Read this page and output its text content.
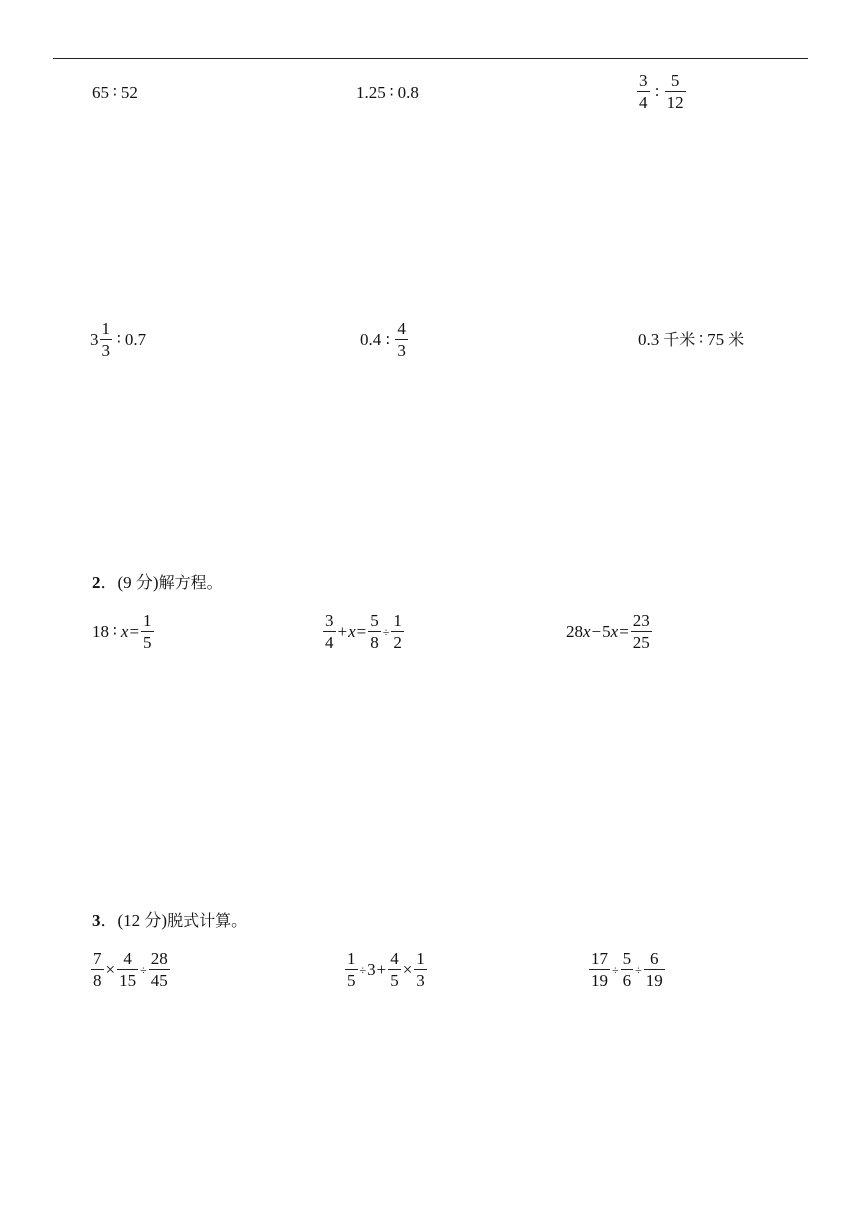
65 ∶ 52	1.25 ∶ 0.8	$\frac{3}{4}$ : $\frac{5}{12}$
$3 \frac{1}{3}$ ∶ 0.7	0.4 : $\frac{4}{3}$	0.3 千米 ∶ 75 米
2 ． (9 分) 解方程。
18 ∶ $x = \frac{1}{5}$	$\frac{3}{4} + x = \frac{5}{8} \div \frac{1}{2}$	28 x − 5 $x = \frac{23}{25}$
3 ． (12 分) 脱式计算。
$\frac{7}{8} \times \frac{4}{15} \div \frac{28}{45}$	$\frac{1}{5} \div 3 + \frac{4}{5} \times \frac{1}{3}$	$\frac{17}{19} \div \frac{5}{6} \div \frac{6}{19}$
